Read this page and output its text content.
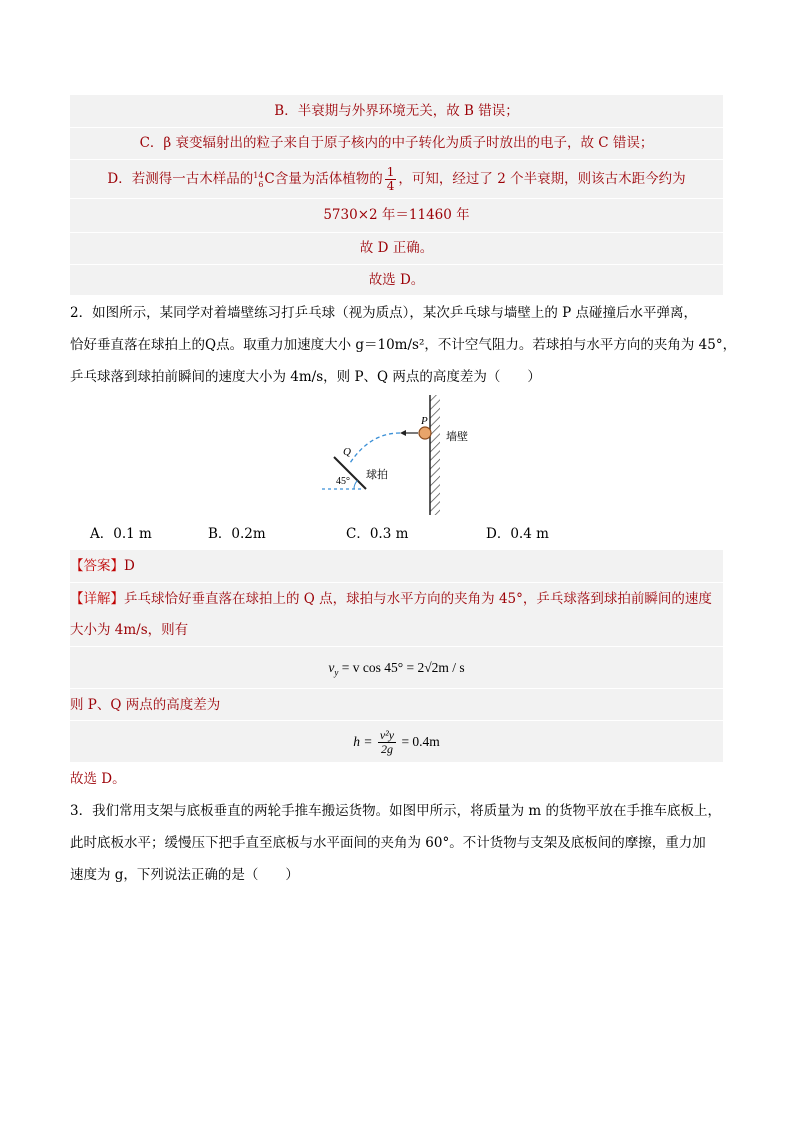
B．半衰期与外界环境无关，故 B 错误；
C．β 衰变辐射出的粒子来自于原子核内的中子转化为质子时放出的电子，故 C 错误；
D．若测得一古木样品的 14
6 C含量为活体植物的 $\frac{1}{4}$ ，可知，经过了 2 个半衰期，则该古木距今约为
5730×2 年＝11460 年
故 D 正确。
故选 D。
2．如图所示，某同学对着墙壁练习打乒乓球（视为质点），某次乒乓球与墙壁上的 P 点碰撞后水平弹离，
恰好垂直落在球拍上的Q点。取重力加速度大小 g＝10m/s²，不计空气阻力。若球拍与水平方向的夹角为 45°，
乒乓球落到球拍前瞬间的速度大小为 4m/s，则 P、Q 两点的高度差为（　　）
P
Q
墙壁
球拍
45°
A．0.1 m	B．0.2m	C．0.3 m	D．0.4 m
【答案】D
【详解】乒乓球恰好垂直落在球拍上的 Q 点，球拍与水平方向的夹角为 45°，乒乓球落到球拍前瞬间的速度
大小为 4m/s，则有
$v_y = v$ cos 45° = 2√2m / s
则 P、Q 两点的高度差为
$h = \frac{\text{v²y}}{2g} = 0.4m$
故选 D。
3．我们常用支架与底板垂直的两轮手推车搬运货物。如图甲所示，将质量为 m 的货物平放在手推车底板上，
此时底板水平；缓慢压下把手直至底板与水平面间的夹角为 60°。不计货物与支架及底板间的摩擦，重力加
速度为 g，下列说法正确的是（　　）
